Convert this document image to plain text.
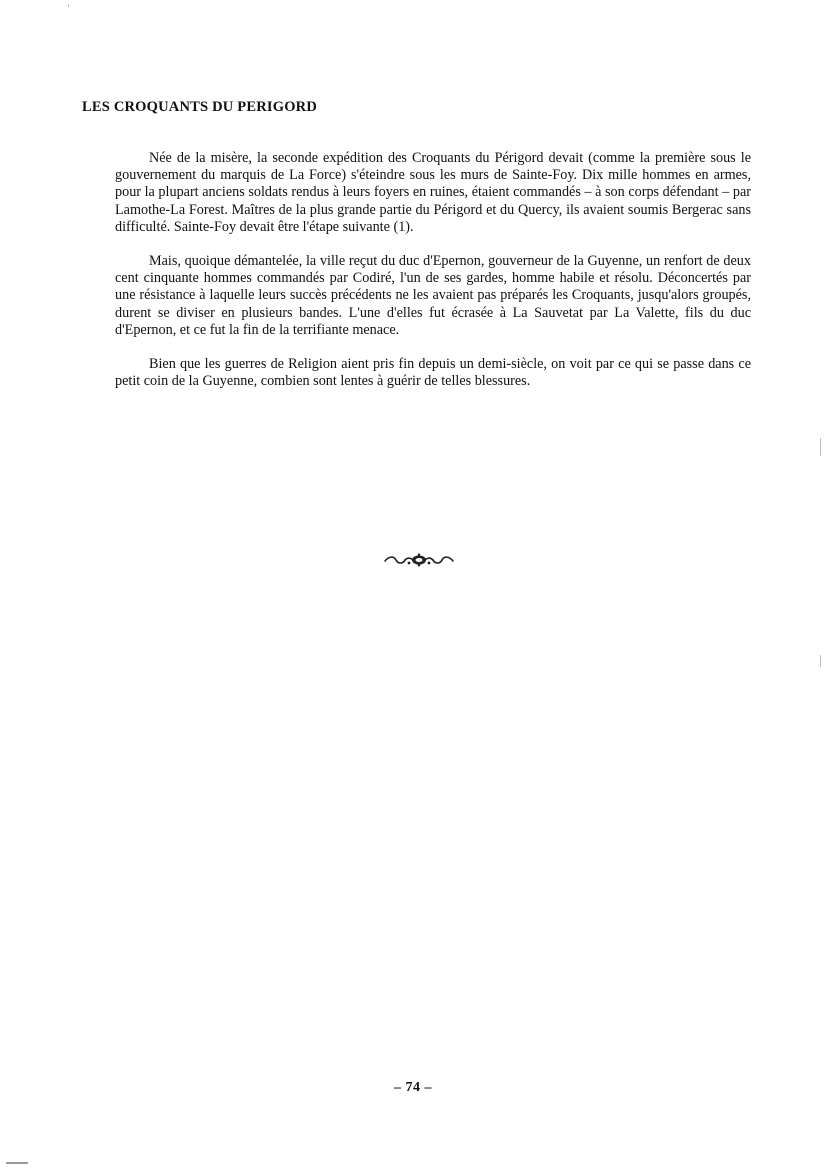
LES CROQUANTS DU PERIGORD

Née de la misère, la seconde expédition des Croquants du Périgord devait (comme la première sous le gouvernement du marquis de La Force) s'éteindre sous les murs de Sainte-Foy. Dix mille hommes en armes, pour la plupart anciens soldats rendus à leurs foyers en ruines, étaient commandés – à son corps défendant – par Lamothe-La Forest. Maîtres de la plus grande partie du Périgord et du Quercy, ils avaient soumis Bergerac sans difficulté. Sainte-Foy devait être l'étape suivante (1).

Mais, quoique démantelée, la ville reçut du duc d'Epernon, gouverneur de la Guyenne, un renfort de deux cent cinquante hommes commandés par Codiré, l'un de ses gardes, homme habile et résolu. Déconcertés par une résistance à laquelle leurs succès précédents ne les avaient pas préparés les Croquants, jusqu'alors groupés, durent se diviser en plusieurs bandes. L'une d'elles fut écrasée à La Sauvetat par La Valette, fils du duc d'Epernon, et ce fut la fin de la terrifiante menace.

Bien que les guerres de Religion aient pris fin depuis un demi-siècle, on voit par ce qui se passe dans ce petit coin de la Guyenne, combien sont lentes à guérir de telles blessures.

– 74 –
